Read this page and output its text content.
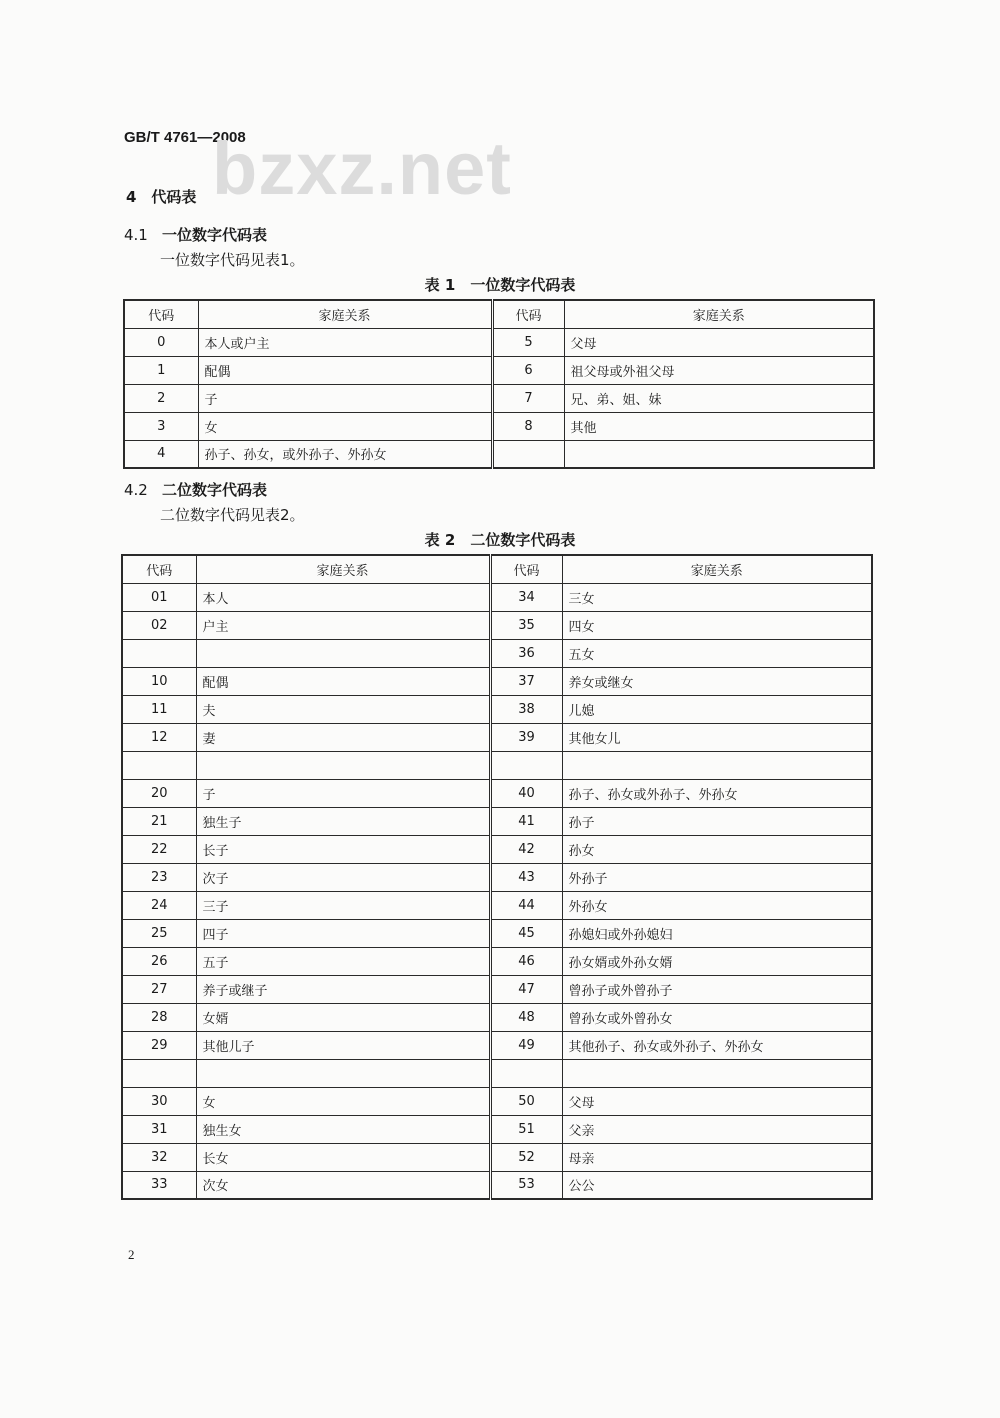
GB/T 4761—2008
bzxz.net
4　代码表
4.1 一位数字代码表
一位数字代码见表1。
表 1　一位数字代码表
代码	家庭关系	代码	家庭关系
0	本人或户主	5	父母
1	配偶	6	祖父母或外祖父母
2	子	7	兄、弟、姐、妹
3	女	8	其他
4	孙子、孙女，或外孙子、外孙女		
4.2 二位数字代码表
二位数字代码见表2。
表 2　二位数字代码表
代码	家庭关系	代码	家庭关系
01	本人	34	三女
02	户主	35	四女
		36	五女
10	配偶	37	养女或继女
11	夫	38	儿媳
12	妻	39	其他女儿

20	子	40	孙子、孙女或外孙子、外孙女
21	独生子	41	孙子
22	长子	42	孙女
23	次子	43	外孙子
24	三子	44	外孙女
25	四子	45	孙媳妇或外孙媳妇
26	五子	46	孙女婿或外孙女婿
27	养子或继子	47	曾孙子或外曾孙子
28	女婿	48	曾孙女或外曾孙女
29	其他儿子	49	其他孙子、孙女或外孙子、外孙女

30	女	50	父母
31	独生女	51	父亲
32	长女	52	母亲
33	次女	53	公公
2
